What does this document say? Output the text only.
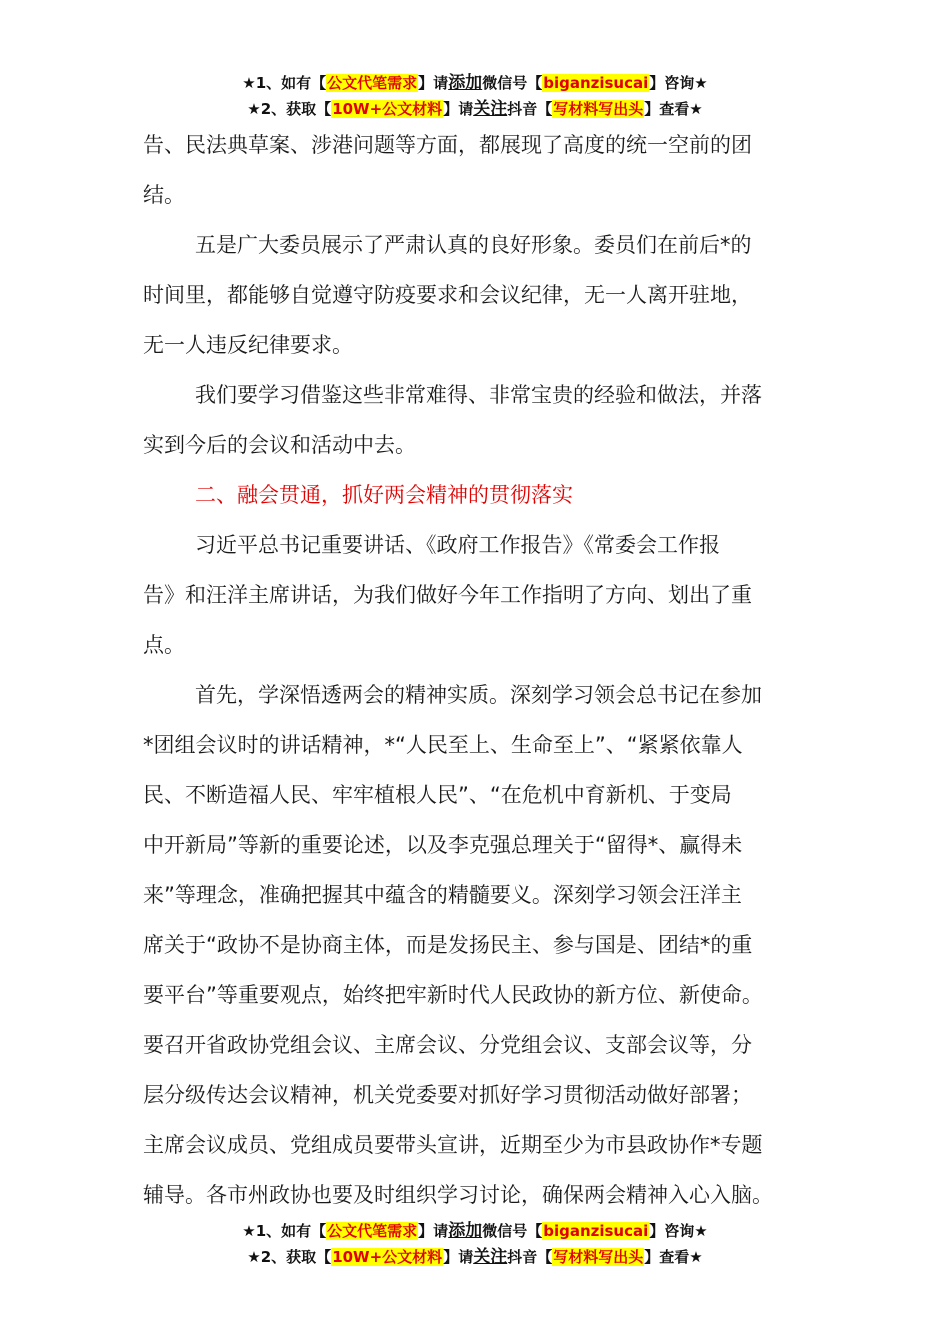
★1、如有【公文代笔需求】请添加微信号【biganzisucai】咨询★
★2、获取【10W+公文材料】请关注抖音【写材料写出头】查看★
告、民法典草案、涉港问题等方面，都展现了高度的统一空前的团
结。
五是广大委员展示了严肃认真的良好形象。委员们在前后*的
时间里，都能够自觉遵守防疫要求和会议纪律，无一人离开驻地，
无一人违反纪律要求。
我们要学习借鉴这些非常难得、非常宝贵的经验和做法，并落
实到今后的会议和活动中去。
二、融会贯通，抓好两会精神的贯彻落实
习近平总书记重要讲话、《政府工作报告》《常委会工作报
告》和汪洋主席讲话，为我们做好今年工作指明了方向、划出了重
点。
首先，学深悟透两会的精神实质。深刻学习领会总书记在参加
*团组会议时的讲话精神，*“人民至上、生命至上”、“紧紧依靠人
民、不断造福人民、牢牢植根人民”、“在危机中育新机、于变局
中开新局”等新的重要论述，以及李克强总理关于“留得*、赢得未
来”等理念，准确把握其中蕴含的精髓要义。深刻学习领会汪洋主
席关于“政协不是协商主体，而是发扬民主、参与国是、团结*的重
要平台”等重要观点，始终把牢新时代人民政协的新方位、新使命。
要召开省政协党组会议、主席会议、分党组会议、支部会议等，分
层分级传达会议精神，机关党委要对抓好学习贯彻活动做好部署；
主席会议成员、党组成员要带头宣讲，近期至少为市县政协作*专题
辅导。各市州政协也要及时组织学习讨论，确保两会精神入心入脑。
★1、如有【公文代笔需求】请添加微信号【biganzisucai】咨询★
★2、获取【10W+公文材料】请关注抖音【写材料写出头】查看★
